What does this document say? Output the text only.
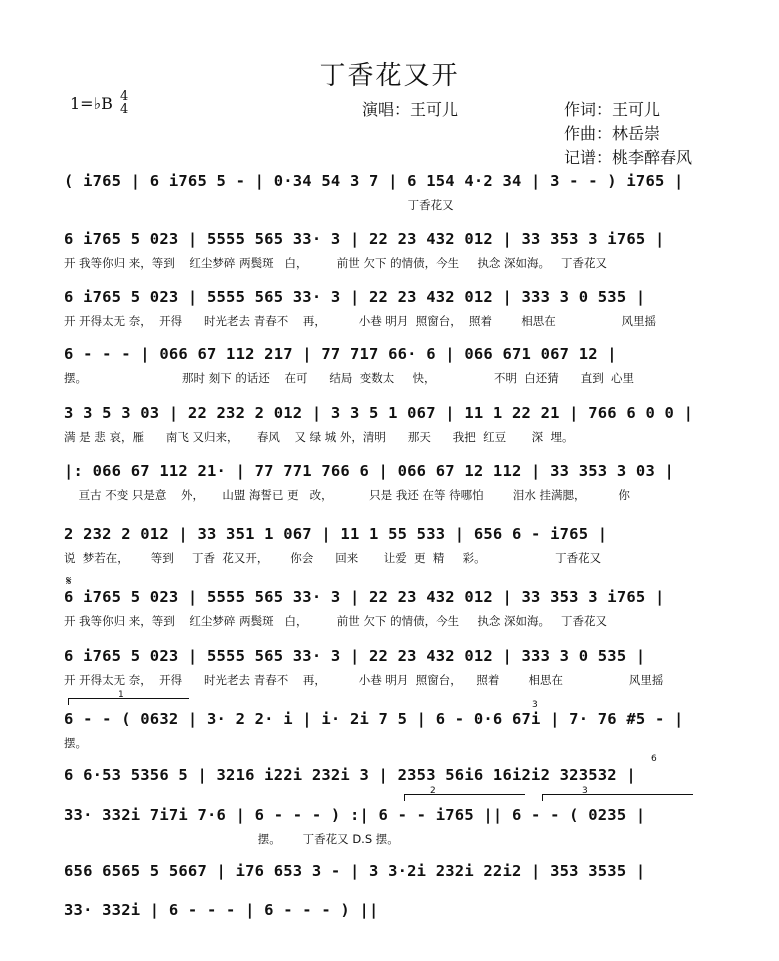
丁香花又开
1=♭B 4
4	演唱：王可儿	作词：王可儿
作曲：林岳崇
记谱：桃李醉春风
( i765 | 6 i765 5 - | 0·34 54 3 7 | 6 154 4·2 34 | 3 - - ) i765 |
丁香花又
6 i765 5 023 | 5555 565 33· 3 | 22 23 432 012 | 33 353 3 i765 |
开 我等你归 来，等到    红尘梦碎 两鬓斑   白，        前世 欠下 的情债，今生     执念 深如海。   丁香花又
6 i765 5 023 | 5555 565 33· 3 | 22 23 432 012 | 333 3 0 535 |
开 开得太无 奈，  开得      时光老去 青春不    再，         小巷 明月  照窗台，  照着        相思在                  风里摇
6 - - - | 066 67 112 217 | 77 717 66· 6 | 066 671 067 12 |
摆。                          那时 刻下 的话还    在可      结局  变数太     快，                不明  白还猜      直到  心里
3 3 5 3 03 | 22 232 2 012 | 3 3 5 1 067 | 11 1 22 21 | 766 6 0 0 |
满 是 悲 哀，雁      南飞 又归来，     春风    又 绿 城 外，清明      那天      我把  红豆       深  埋。
|: 066 67 112 21· | 77 771 766 6 | 066 67 12 112 | 33 353 3 03 |
亘古 不变 只是意    外，     山盟 海誓已 更   改，          只是 我还 在等 待哪怕        泪水 挂满腮，         你
2 232 2 012 | 33 351 1 067 | 11 1 55 533 | 656 6 - i765 |
说  梦若在，      等到     丁香  花又开，      你会      回来       让爱  更  精     彩。                   丁香花又
𝄋
6 i765 5 023 | 5555 565 33· 3 | 22 23 432 012 | 33 353 3 i765 |
开 我等你归 来，等到    红尘梦碎 两鬓斑   白，        前世 欠下 的情债，今生     执念 深如海。   丁香花又
6 i765 5 023 | 5555 565 33· 3 | 22 23 432 012 | 333 3 0 535 |
开 开得太无 奈，  开得      时光老去 青春不    再，         小巷 明月  照窗台，    照着        相思在                  风里摇
1
6 - - ( 0632 | 3· 2 2· i | i· 2i 7 5 | 6 - 0·6 67i | 7· 76 #5 - |
摆。
3
6
6 6·53 5356 5 | 3216 i22i 232i 3 | 2353 56i6 16i2i2 323532 |
2	3
33· 332i 7i7i 7·6 | 6 - - - ) :| 6 - - i765 || 6 - - ( 0235 |
摆。      丁香花又 D.S 摆。
656 6565 5 5667 | i76 653 3 - | 3 3·2i 232i 22i2 | 353 3535 |
33· 332i | 6 - - - | 6 - - - ) ||
